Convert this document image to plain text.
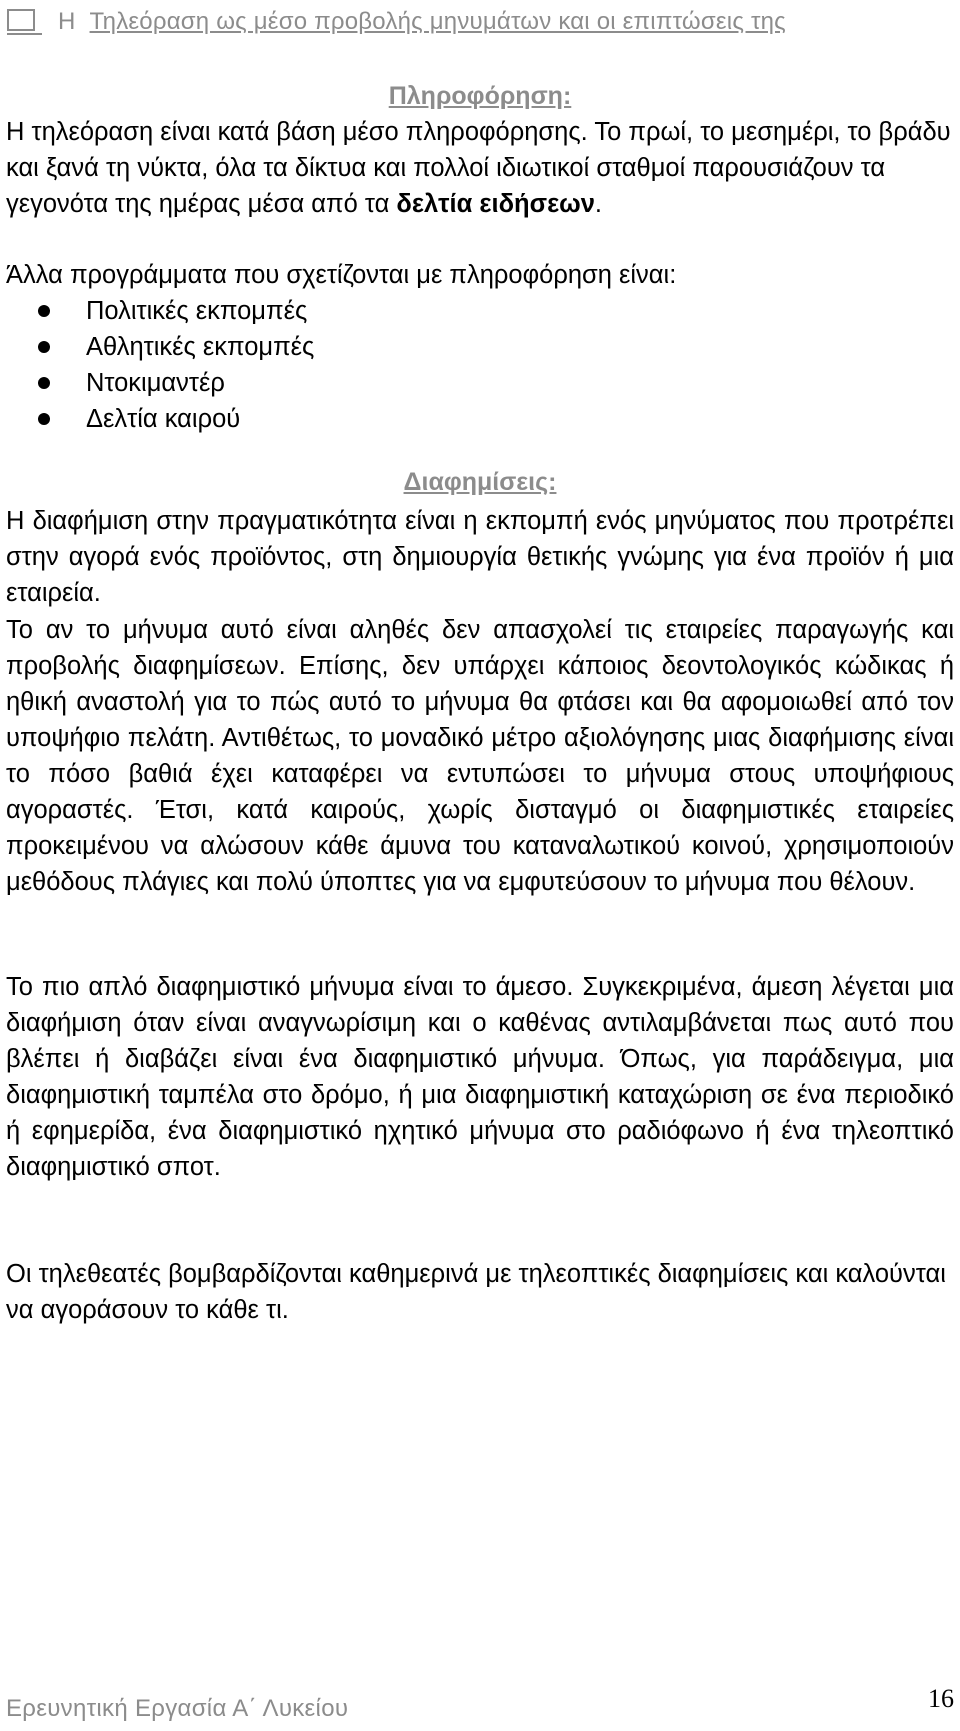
Η Τηλεόραση ως μέσο προβολής μηνυμάτων και οι επιπτώσεις της
Πληροφόρηση:
Η τηλεόραση είναι κατά βάση μέσο πληροφόρησης. Το πρωί, το μεσημέρι, το βράδυ και ξανά τη νύκτα, όλα τα δίκτυα και πολλοί ιδιωτικοί σταθμοί παρουσιάζουν τα γεγονότα της ημέρας μέσα από τα δελτία ειδήσεων.
Άλλα προγράμματα που σχετίζονται με πληροφόρηση είναι:
Πολιτικές εκπομπές
Αθλητικές εκπομπές
Ντοκιμαντέρ
Δελτία καιρού
Διαφημίσεις:
Η διαφήμιση στην πραγματικότητα είναι η εκπομπή ενός μηνύματος που προτρέπει στην αγορά ενός προϊόντος, στη δημιουργία θετικής γνώμης για ένα προϊόν ή μια εταιρεία.
Το αν το μήνυμα αυτό είναι αληθές δεν απασχολεί τις εταιρείες παραγωγής και προβολής διαφημίσεων. Επίσης, δεν υπάρχει κάποιος δεοντολογικός κώδικας ή ηθική αναστολή για το πώς αυτό το μήνυμα θα φτάσει και θα αφομοιωθεί από τον υποψήφιο πελάτη. Αντιθέτως, το μοναδικό μέτρο αξιολόγησης μιας διαφήμισης είναι το πόσο βαθιά έχει καταφέρει να εντυπώσει το μήνυμα στους υποψήφιους αγοραστές. Έτσι, κατά καιρούς, χωρίς δισταγμό οι διαφημιστικές εταιρείες προκειμένου να αλώσουν κάθε άμυνα του καταναλωτικού κοινού, χρησιμοποιούν μεθόδους πλάγιες και πολύ ύποπτες για να εμφυτεύσουν το μήνυμα που θέλουν.
Το πιο απλό διαφημιστικό μήνυμα είναι το άμεσο. Συγκεκριμένα, άμεση λέγεται μια διαφήμιση όταν είναι αναγνωρίσιμη και ο καθένας αντιλαμβάνεται πως αυτό που βλέπει ή διαβάζει είναι ένα διαφημιστικό μήνυμα. Όπως, για παράδειγμα, μια διαφημιστική ταμπέλα στο δρόμο, ή μια διαφημιστική καταχώριση σε ένα περιοδικό ή εφημερίδα, ένα διαφημιστικό ηχητικό μήνυμα στο ραδιόφωνο ή ένα τηλεοπτικό διαφημιστικό σποτ.
Οι τηλεθεατές βομβαρδίζονται καθημερινά με τηλεοπτικές διαφημίσεις και καλούνται να αγοράσουν το κάθε τι.
Ερευνητική Εργασία Α΄ Λυκείου	16
